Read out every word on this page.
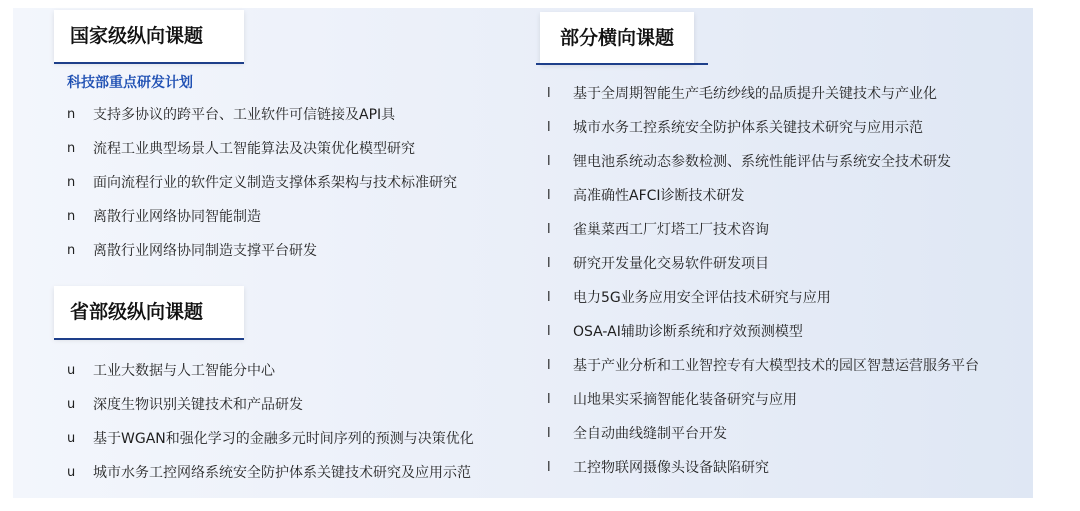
国家级纵向课题
科技部重点研发计划
n 支持多协议的跨平台、工业软件可信链接及API具
n 流程工业典型场景人工智能算法及决策优化模型研究
n 面向流程行业的软件定义制造支撑体系架构与技术标准研究
n 离散行业网络协同智能制造
n 离散行业网络协同制造支撑平台研发
省部级纵向课题
u 工业大数据与人工智能分中心
u 深度生物识别关键技术和产品研发
u 基于WGAN和强化学习的金融多元时间序列的预测与决策优化
u 城市水务工控网络系统安全防护体系关键技术研究及应用示范
部分横向课题
l 基于全周期智能生产毛纺纱线的品质提升关键技术与产业化
l 城市水务工控系统安全防护体系关键技术研究与应用示范
l 锂电池系统动态参数检测、系统性能评估与系统安全技术研发
l 高准确性AFCI诊断技术研发
l 雀巢菜西工厂灯塔工厂技术咨询
l 研究开发量化交易软件研发项目
l 电力5G业务应用安全评估技术研究与应用
l OSA-AI辅助诊断系统和疗效预测模型
l 基于产业分析和工业智控专有大模型技术的园区智慧运营服务平台
l 山地果实采摘智能化装备研究与应用
l 全自动曲线缝制平台开发
l 工控物联网摄像头设备缺陷研究
